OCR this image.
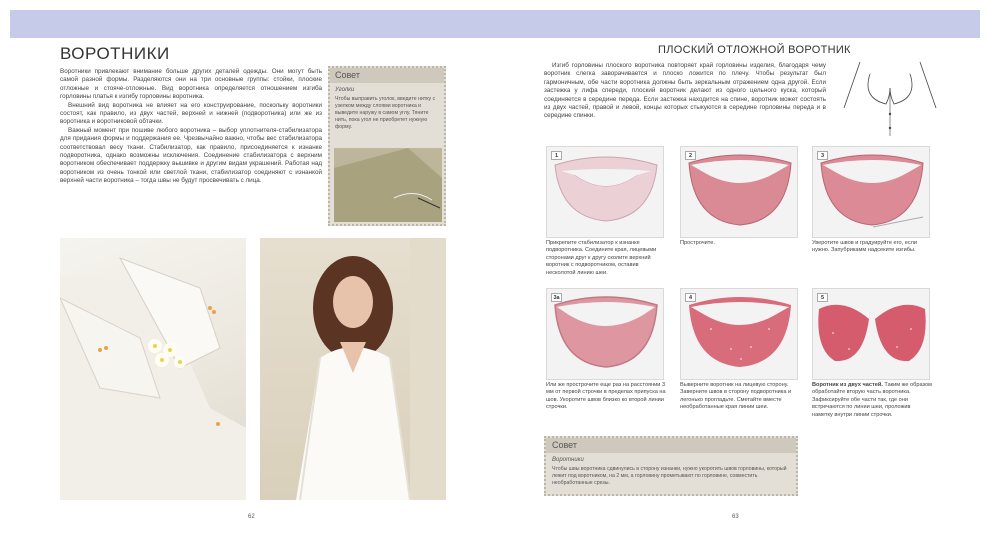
ВОРОТНИКИ

Воротники привлекают внимание больше других деталей одежды. Они могут быть самой разной формы. Разделяются они на три основные группы: стойки, плоские отложные и стояче-отложные. Вид воротника определяется отношением изгиба горловины платья к изгибу горловины воротника.

Внешний вид воротника не влияет на его конструирование, поскольку воротники состоят, как правило, из двух частей, верхней и нижней (подворотника) или же из воротника и воротниковой обтачки.

Важный момент при пошиве любого воротника – выбор уплотнителя-стабилизатора для придания формы и поддержания ее. Чрезвычайно важно, чтобы вес стабилизатора соответствовал весу ткани. Стабилизатор, как правило, присоединяется к изнанке подворотника, однако возможны исключения. Соединение стабилизатора с верхним воротником обеспечивает поддержку вышивке и другим видам украшений. Работая над воротником из очень тонкой или светлой ткани, стабилизатор соединяют с изнанкой верхней части воротника – тогда швы не будут просвечивать с лица.

Совет
Уголки
Чтобы выправить уголок, введите нитку с узелком между слоями воротника и выведите наружу в самом углу. Тяните нить, пока угол не приобретет нужную форму.
62
ПЛОСКИЙ ОТЛОЖНОЙ ВОРОТНИК

Изгиб горловины плоского воротника повторяет край горловины изделия, благодаря чему воротник слегка заворачивается и плоско ложится по плечу. Чтобы результат был гармоничным, обе части воротника должны быть зеркальным отражением одна другой. Если застежка у лифа спереди, плоский воротник делают из одного цельного куска, который соединяется в середине переда. Если застежка находится на спине, воротник может состоять из двух частей, правой и левой, концы которых стыкуются в середине горловины переда и в середине спинки.

1	2	3
Прикрепите стабилизатор к изнанке подворотника. Соедините края, лицевыми сторонами друг к другу сколите верхний воротник с подворотником, оставив несколотой линию шеи.
Прострочите.	Уверотите швов и градуируйте его, если нужно. Запубрикамм надсеките изгибы.
3а	4	5
Или же прострочите еще раз на расстоянии 3 мм от первой строчки в пределах припуска на шов. Укоротите швов близко ко второй линии строчки.
Выверните воротник на лицевую сторону. Заверните швов в сторону подворотника и легонько прогладьте. Сметайте вместе необработанные края линии шеи.
Воротник из двух частей. Таким же образом обработайте вторую часть воротника. Зафиксируйте обе части так, где они встречаются по линии шеи, проложив наметку внутри линии строчки.
Совет
Воротники
Чтобы швы воротника сдвинулись в сторону изнанки, нужно укоротить швов горловины, который лежит под воротником, на 2 мм, а горловину прометывают по горловине, совместить необработанные срезы.
63
